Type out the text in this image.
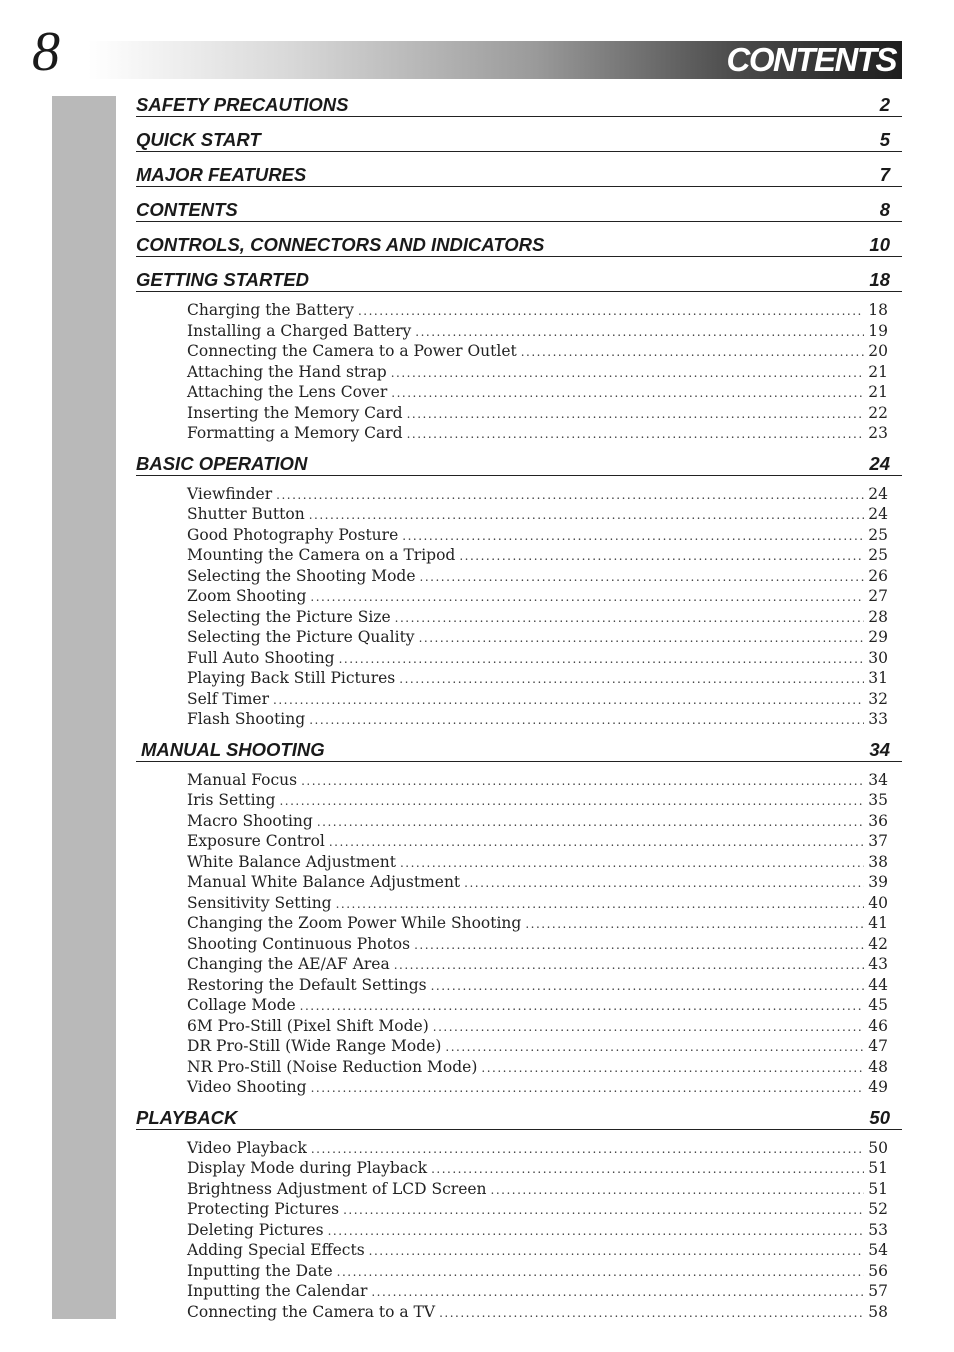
8	CONTENTS
SAFETY PRECAUTIONS	2
QUICK START	5
MAJOR FEATURES	7
CONTENTS	8
CONTROLS, CONNECTORS AND INDICATORS	10
GETTING STARTED	18
Charging the Battery .....	18
Installing a Charged Battery .....	19
Connecting the Camera to a Power Outlet .....	20
Attaching the Hand strap .....	21
Attaching the Lens Cover .....	21
Inserting the Memory Card .....	22
Formatting a Memory Card .....	23
BASIC OPERATION	24
Viewfinder .....	24
Shutter Button .....	24
Good Photography Posture .....	25
Mounting the Camera on a Tripod .....	25
Selecting the Shooting Mode .....	26
Zoom Shooting .....	27
Selecting the Picture Size .....	28
Selecting the Picture Quality .....	29
Full Auto Shooting .....	30
Playing Back Still Pictures .....	31
Self Timer .....	32
Flash Shooting .....	33
MANUAL SHOOTING	34
Manual Focus .....	34
Iris Setting .....	35
Macro Shooting .....	36
Exposure Control .....	37
White Balance Adjustment .....	38
Manual White Balance Adjustment .....	39
Sensitivity Setting .....	40
Changing the Zoom Power While Shooting .....	41
Shooting Continuous Photos .....	42
Changing the AE/AF Area .....	43
Restoring the Default Settings .....	44
Collage Mode .....	45
6M Pro-Still (Pixel Shift Mode) .....	46
DR Pro-Still (Wide Range Mode) .....	47
NR Pro-Still (Noise Reduction Mode) .....	48
Video Shooting .....	49
PLAYBACK	50
Video Playback .....	50
Display Mode during Playback .....	51
Brightness Adjustment of LCD Screen .....	51
Protecting Pictures .....	52
Deleting Pictures .....	53
Adding Special Effects .....	54
Inputting the Date .....	56
Inputting the Calendar .....	57
Connecting the Camera to a TV .....	58
